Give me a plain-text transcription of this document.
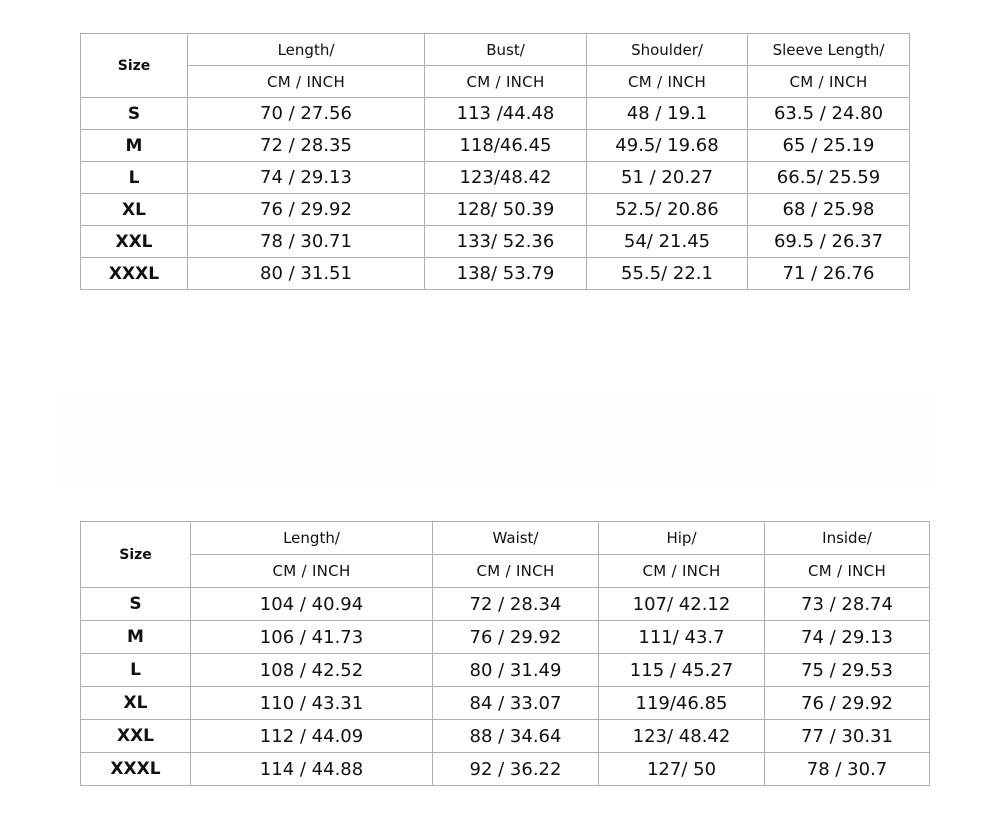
Size	Length/	Bust/	Shoulder/	Sleeve Length/
	CM / INCH	CM / INCH	CM / INCH	CM / INCH
S	70 / 27.56	113 /44.48	48 / 19.1	63.5 / 24.80
M	72 / 28.35	118/46.45	49.5/ 19.68	65 / 25.19
L	74 / 29.13	123/48.42	51 / 20.27	66.5/ 25.59
XL	76 / 29.92	128/ 50.39	52.5/ 20.86	68 / 25.98
XXL	78 / 30.71	133/ 52.36	54/ 21.45	69.5 / 26.37
XXXL	80 / 31.51	138/ 53.79	55.5/ 22.1	71 / 26.76
Size	Length/	Waist/	Hip/	Inside/
	CM / INCH	CM / INCH	CM / INCH	CM / INCH
S	104 / 40.94	72 / 28.34	107/ 42.12	73 / 28.74
M	106 / 41.73	76 / 29.92	111/ 43.7	74 / 29.13
L	108 / 42.52	80 / 31.49	115 / 45.27	75 / 29.53
XL	110 / 43.31	84 / 33.07	119/46.85	76 / 29.92
XXL	112 / 44.09	88 / 34.64	123/ 48.42	77 / 30.31
XXXL	114 / 44.88	92 / 36.22	127/ 50	78 / 30.7
